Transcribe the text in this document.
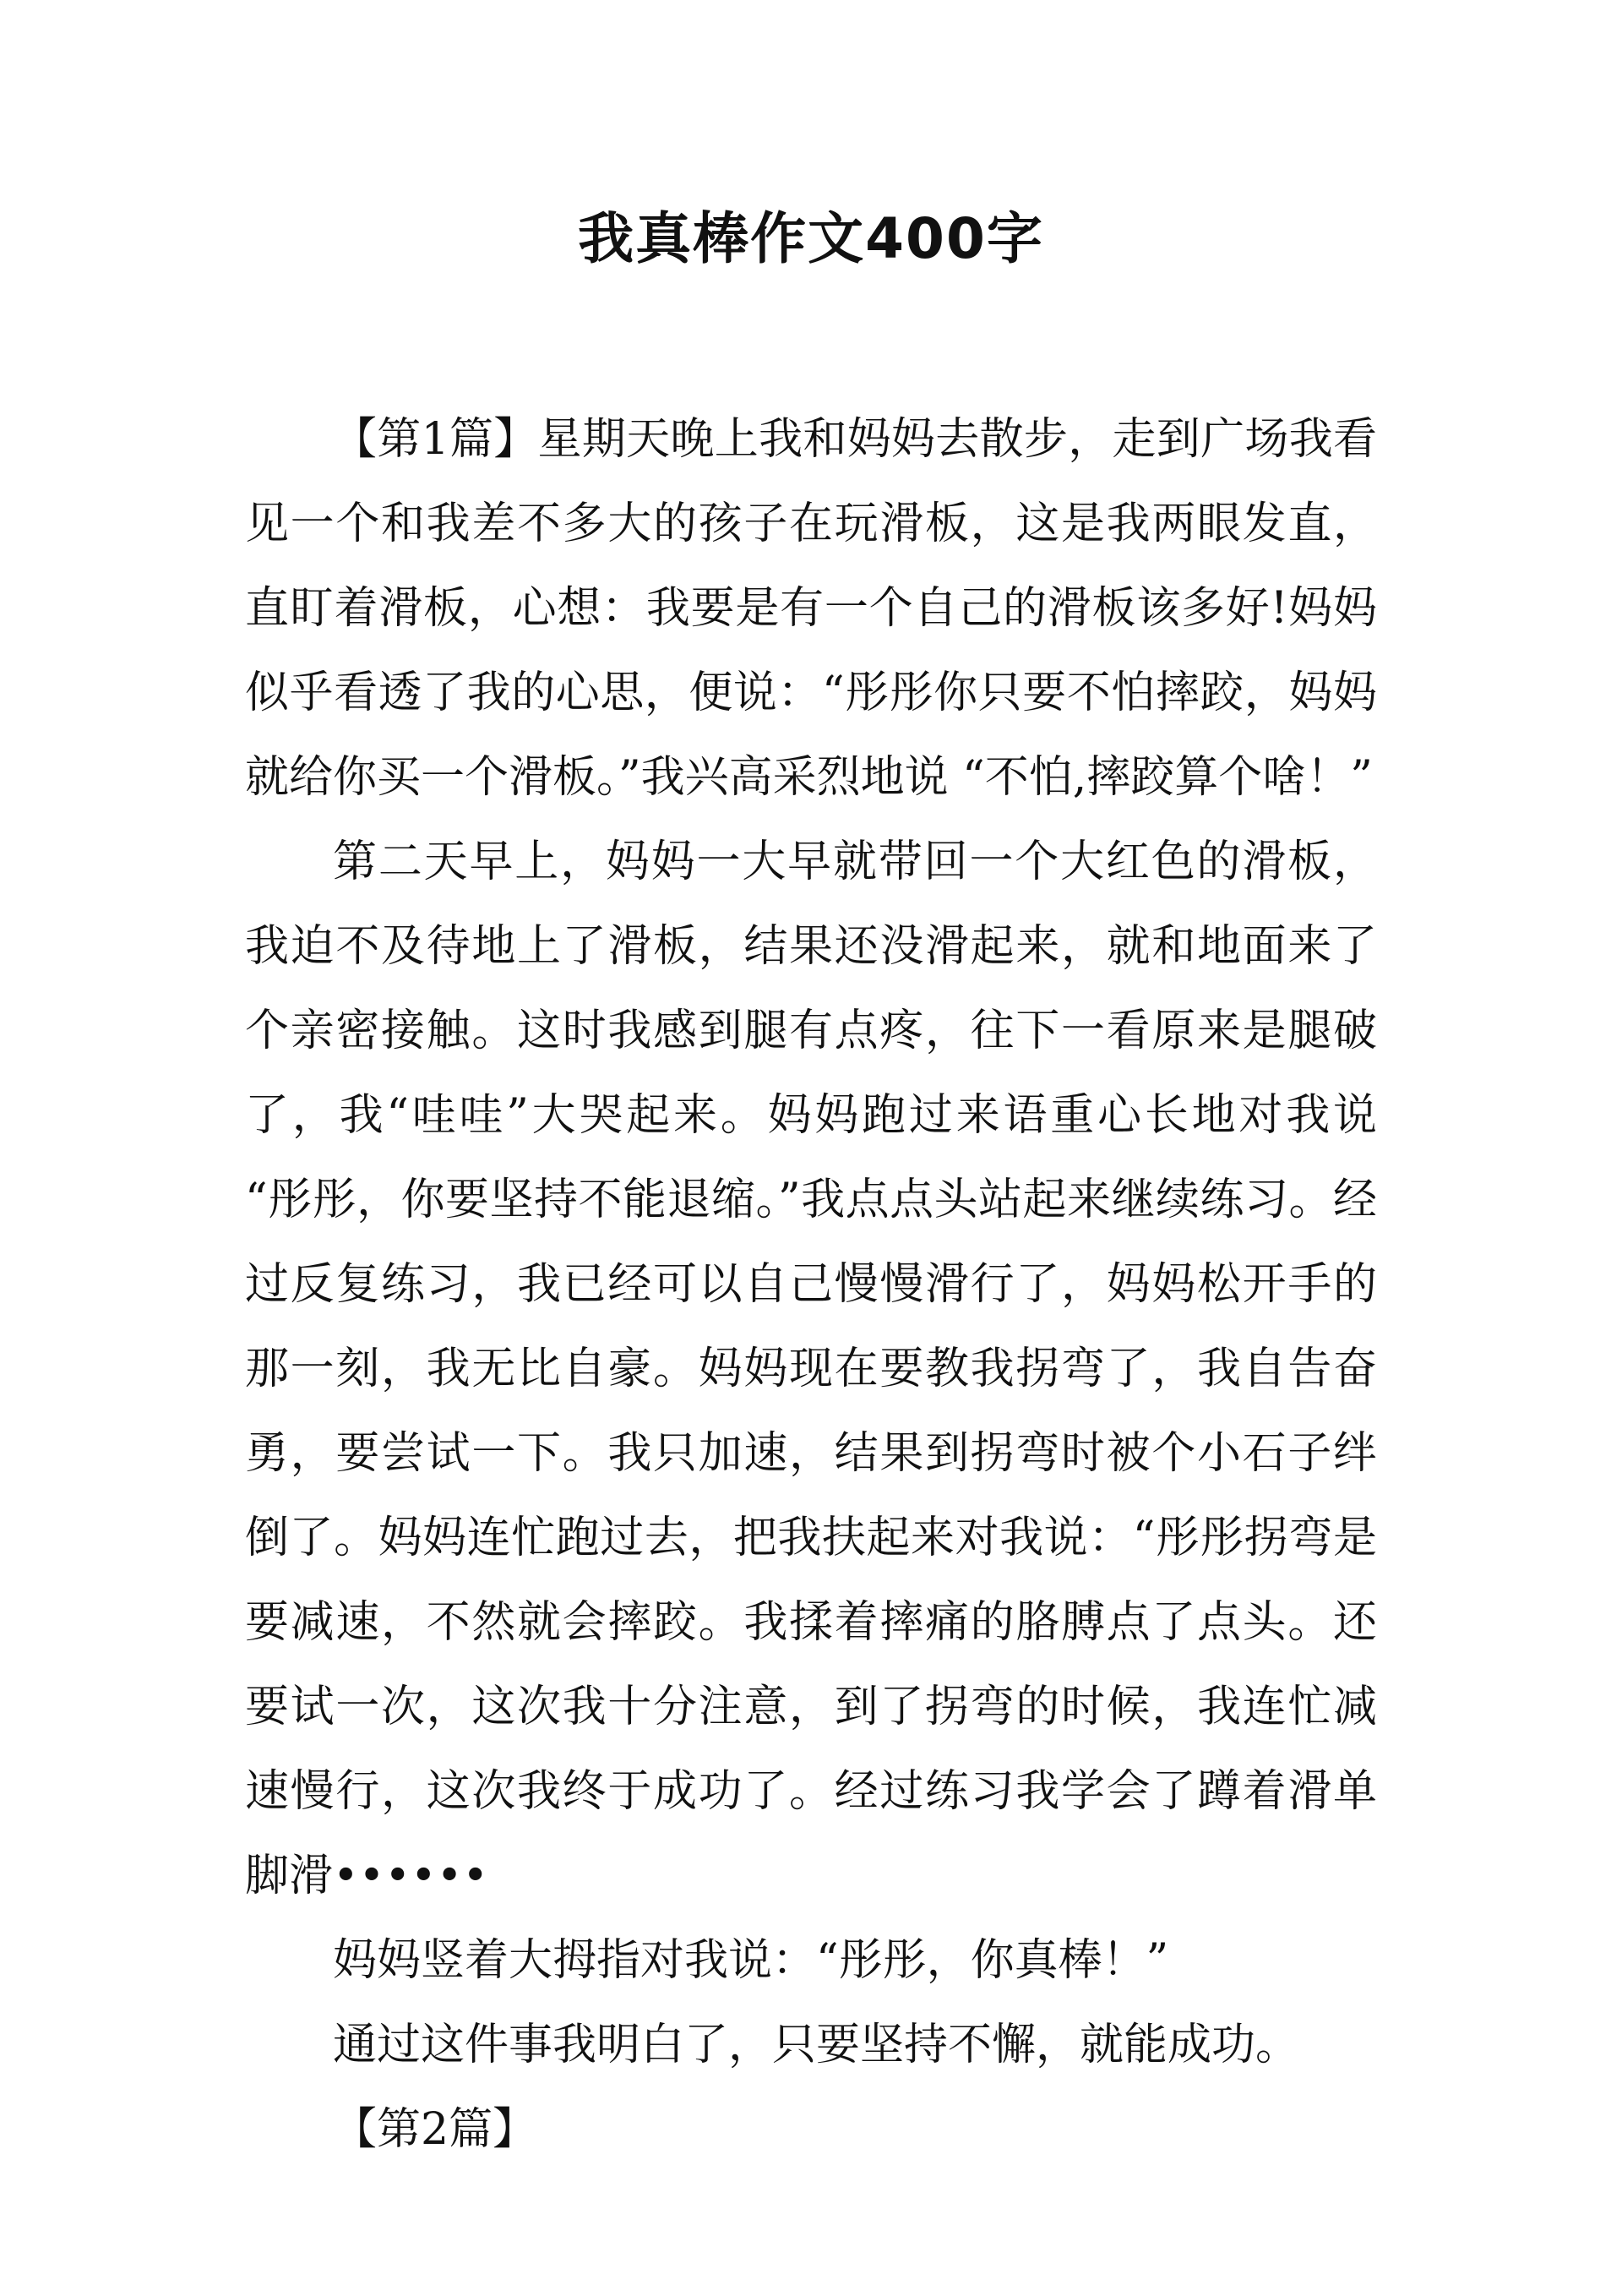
我真棒作文400字

【第1篇】星期天晚上我和妈妈去散步，走到广场我看见一个和我差不多大的孩子在玩滑板，这是我两眼发直，直盯着滑板，心想：我要是有一个自己的滑板该多好!妈妈似乎看透了我的心思，便说：“彤彤你只要不怕摔跤，妈妈就给你买一个滑板。”我兴高采烈地说 “不怕,摔跤算个啥！”

第二天早上，妈妈一大早就带回一个大红色的滑板，我迫不及待地上了滑板，结果还没滑起来，就和地面来了个亲密接触。这时我感到腿有点疼，往下一看原来是腿破了，我“哇哇”大哭起来。妈妈跑过来语重心长地对我说 “彤彤，你要坚持不能退缩。”我点点头站起来继续练习。经过反复练习，我已经可以自己慢慢滑行了，妈妈松开手的那一刻，我无比自豪。妈妈现在要教我拐弯了，我自告奋勇，要尝试一下。我只加速，结果到拐弯时被个小石子绊倒了。妈妈连忙跑过去，把我扶起来对我说：“彤彤拐弯是要减速，不然就会摔跤。我揉着摔痛的胳膊点了点头。还要试一次，这次我十分注意，到了拐弯的时候，我连忙减速慢行，这次我终于成功了。经过练习我学会了蹲着滑单脚滑••••••

妈妈竖着大拇指对我说：“彤彤，你真棒！”

通过这件事我明白了，只要坚持不懈，就能成功。

【第2篇】
